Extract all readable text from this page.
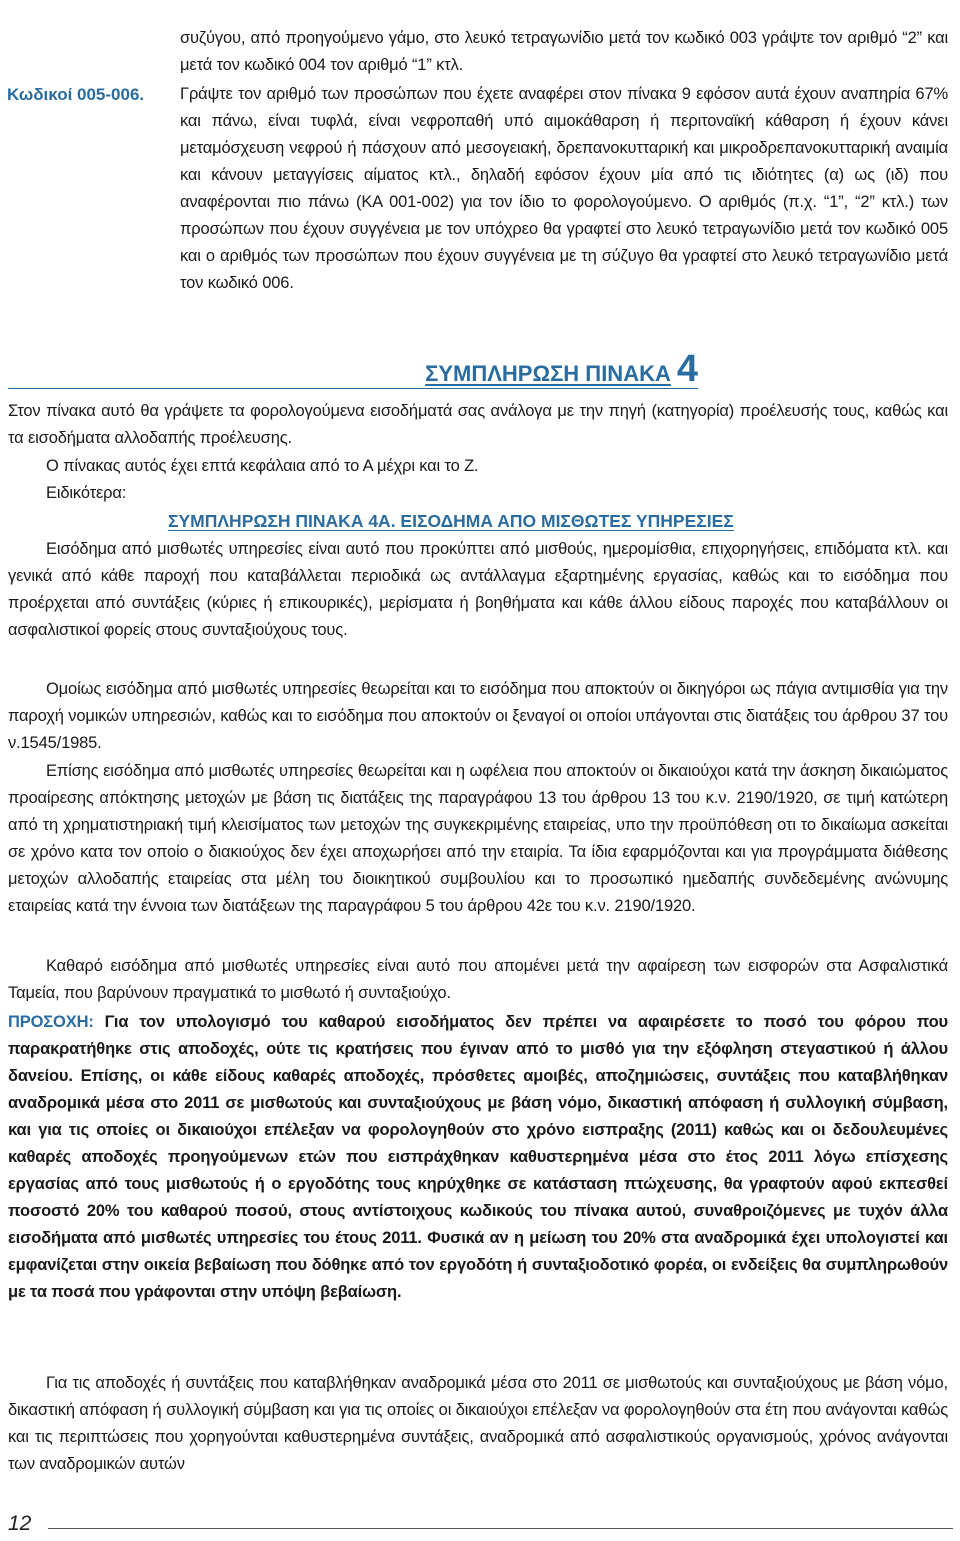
Κωδικοί 005-006.
συζύγου, από προηγούμενο γάμο, στο λευκό τετραγωνίδιο μετά τον κωδικό 003 γράψτε τον αριθμό “2” και μετά τον κωδικό 004 τον αριθμό “1” κτλ.
Γράψτε τον αριθμό των προσώπων που έχετε αναφέρει στον πίνακα 9 εφόσον αυτά έχουν αναπηρία 67% και πάνω, είναι τυφλά, είναι νεφροπαθή υπό αιμοκάθαρση ή περιτοναϊκή κάθαρση ή έχουν κάνει μεταμόσχευση νεφρού ή πάσχουν από μεσογειακή, δρεπανοκυτταρική και μικροδρεπανοκυτταρική αναιμία και κάνουν μεταγγίσεις αίματος κτλ., δηλαδή εφόσον έχουν μία από τις ιδιότητες (α) ως (ιδ) που αναφέρονται πιο πάνω (ΚΑ 001-002) για τον ίδιο το φορολογούμενο. Ο αριθμός (π.χ. “1”, “2” κτλ.) των προσώπων που έχουν συγγένεια με τον υπόχρεο θα γραφτεί στο λευκό τετραγωνίδιο μετά τον κωδικό 005 και ο αριθμός των προσώπων που έχουν συγγένεια με τη σύζυγο θα γραφτεί στο λευκό τετραγωνίδιο μετά τον κωδικό 006.
ΣΥΜΠΛΗΡΩΣΗ ΠΙΝΑΚΑ 4
Στον πίνακα αυτό θα γράψετε τα φορολογούμενα εισοδήματά σας ανάλογα με την πηγή (κατηγορία) προέλευσής τους, καθώς και τα εισοδήματα αλλοδαπής προέλευσης.
Ο πίνακας αυτός έχει επτά κεφάλαια από το Α μέχρι και το Ζ.
Ειδικότερα:
ΣΥΜΠΛΗΡΩΣΗ ΠΙΝΑΚΑ 4Α. ΕΙΣΟΔΗΜΑ ΑΠΟ ΜΙΣΘΩΤΕΣ ΥΠΗΡΕΣΙΕΣ
Εισόδημα από μισθωτές υπηρεσίες είναι αυτό που προκύπτει από μισθούς, ημερομίσθια, επιχορηγήσεις, επιδόματα κτλ. και γενικά από κάθε παροχή που καταβάλλεται περιοδικά ως αντάλλαγμα εξαρτημένης εργασίας, καθώς και το εισόδημα που προέρχεται από συντάξεις (κύριες ή επικουρικές), μερίσματα ή βοηθήματα και κάθε άλλου είδους παροχές που καταβάλλουν οι ασφαλιστικοί φορείς στους συνταξιούχους τους.
Ομοίως εισόδημα από μισθωτές υπηρεσίες θεωρείται και το εισόδημα που αποκτούν οι δικηγόροι ως πάγια αντιμισθία για την παροχή νομικών υπηρεσιών, καθώς και το εισόδημα που αποκτούν οι ξεναγοί οι οποίοι υπάγονται στις διατάξεις του άρθρου 37 του ν.1545/1985.
Επίσης εισόδημα από μισθωτές υπηρεσίες θεωρείται και η ωφέλεια που αποκτούν οι δικαιούχοι κατά την άσκηση δικαιώματος προαίρεσης απόκτησης μετοχών με βάση τις διατάξεις της παραγράφου 13 του άρθρου 13 του κ.ν. 2190/1920, σε τιμή κατώτερη από τη χρηματιστηριακή τιμή κλεισίματος των μετοχών της συγκεκριμένης εταιρείας, υπο την προϋπόθεση οτι το δικαίωμα ασκείται σε χρόνο κατα τον οποίο ο διακιούχος δεν έχει αποχωρήσει από την εταιρία. Τα ίδια εφαρμόζονται και για προγράμματα διάθεσης μετοχών αλλοδαπής εταιρείας στα μέλη του διοικητικού συμβουλίου και το προσωπικό ημεδαπής συνδεδεμένης ανώνυμης εταιρείας κατά την έννοια των διατάξεων της παραγράφου 5 του άρθρου 42ε του κ.ν. 2190/1920.
Καθαρό εισόδημα από μισθωτές υπηρεσίες είναι αυτό που απομένει μετά την αφαίρεση των εισφορών στα Ασφαλιστικά Ταμεία, που βαρύνουν πραγματικά το μισθωτό ή συνταξιούχο.
ΠΡΟΣΟΧΗ: Για τον υπολογισμό του καθαρού εισοδήματος δεν πρέπει να αφαιρέσετε το ποσό του φόρου που παρακρατήθηκε στις αποδοχές, ούτε τις κρατήσεις που έγιναν από το μισθό για την εξόφληση στεγαστικού ή άλλου δανείου. Επίσης, οι κάθε είδους καθαρές αποδοχές, πρόσθετες αμοιβές, αποζημιώσεις, συντάξεις που καταβλήθηκαν αναδρομικά μέσα στο 2011 σε μισθωτούς και συνταξιούχους με βάση νόμο, δικαστική απόφαση ή συλλογική σύμβαση, και για τις οποίες οι δικαιούχοι επέλεξαν να φορολογηθούν στο χρόνο εισπραξης (2011) καθώς και οι δεδουλευμένες καθαρές αποδοχές προηγούμενων ετών που εισπράχθηκαν καθυστερημένα μέσα στο έτος 2011 λόγω επίσχεσης εργασίας από τους μισθωτούς ή ο εργοδότης τους κηρύχθηκε σε κατάσταση πτώχευσης, θα γραφτούν αφού εκπεσθεί ποσοστό 20% του καθαρού ποσού, στους αντίστοιχους κωδικούς του πίνακα αυτού, συναθροιζόμενες με τυχόν άλλα εισοδήματα από μισθωτές υπηρεσίες του έτους 2011. Φυσικά αν η μείωση του 20% στα αναδρομικά έχει υπολογιστεί και εμφανίζεται στην οικεία βεβαίωση που δόθηκε από τον εργοδότη ή συνταξιοδοτικό φορέα, οι ενδείξεις θα συμπληρωθούν με τα ποσά που γράφονται στην υπόψη βεβαίωση.
Για τις αποδοχές ή συντάξεις που καταβλήθηκαν αναδρομικά μέσα στο 2011 σε μισθωτούς και συνταξιούχους με βάση νόμο, δικαστική απόφαση ή συλλογική σύμβαση και για τις οποίες οι δικαιούχοι επέλεξαν να φορολογηθούν στα έτη που ανάγονται καθώς και τις περιπτώσεις που χορηγούνται καθυστερημένα συντάξεις, αναδρομικά από ασφαλιστικούς οργανισμούς, χρόνος ανάγονται των αναδρομικών αυτών
12
